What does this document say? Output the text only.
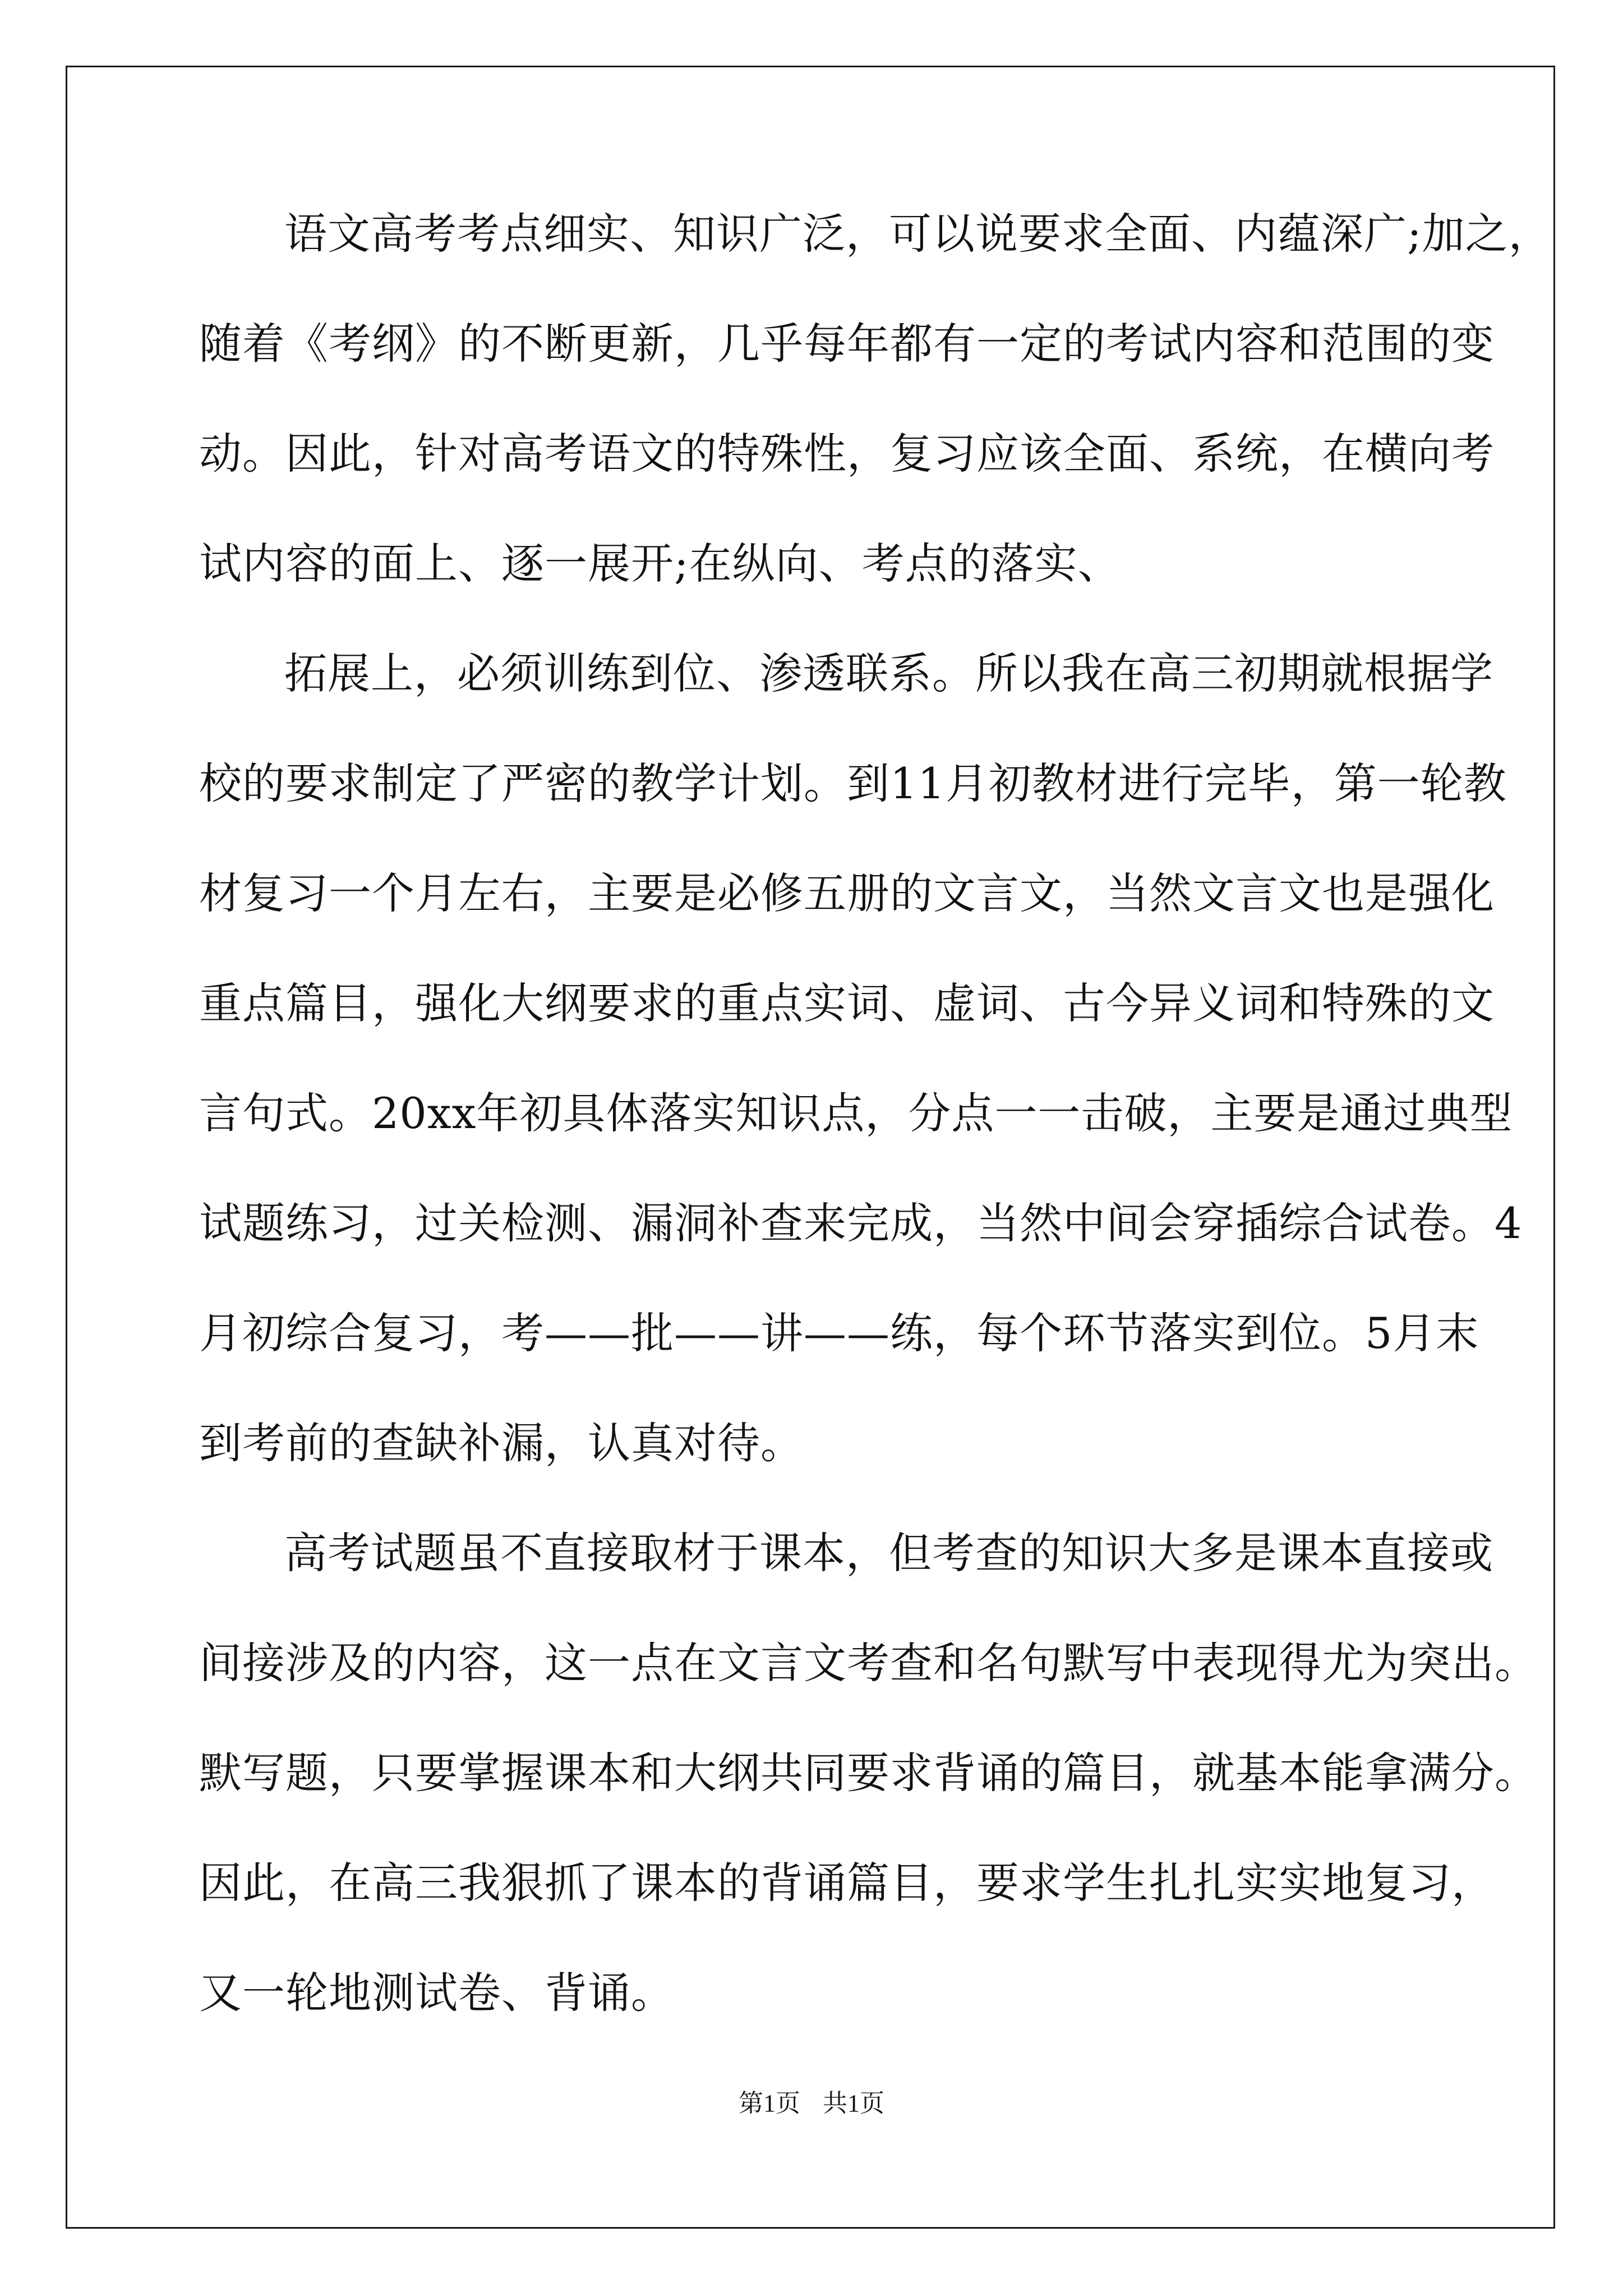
语文高考考点细实、知识广泛，可以说要求全面、内蕴深广;加之，
随着《考纲》的不断更新，几乎每年都有一定的考试内容和范围的变
动。因此，针对高考语文的特殊性，复习应该全面、系统，在横向考
试内容的面上、逐一展开;在纵向、考点的落实、
拓展上，必须训练到位、渗透联系。所以我在高三初期就根据学
校的要求制定了严密的教学计划。到11月初教材进行完毕，第一轮教
材复习一个月左右，主要是必修五册的文言文，当然文言文也是强化
重点篇目，强化大纲要求的重点实词、虚词、古今异义词和特殊的文
言句式。20xx年初具体落实知识点，分点一一击破，主要是通过典型
试题练习，过关检测、漏洞补查来完成，当然中间会穿插综合试卷。4
月初综合复习，考——批——讲——练，每个环节落实到位。5月末
到考前的查缺补漏，认真对待。
高考试题虽不直接取材于课本，但考查的知识大多是课本直接或
间接涉及的内容，这一点在文言文考查和名句默写中表现得尤为突出。
默写题，只要掌握课本和大纲共同要求背诵的篇目，就基本能拿满分。
因此，在高三我狠抓了课本的背诵篇目，要求学生扎扎实实地复习，
又一轮地测试卷、背诵。
第1页 共1页
